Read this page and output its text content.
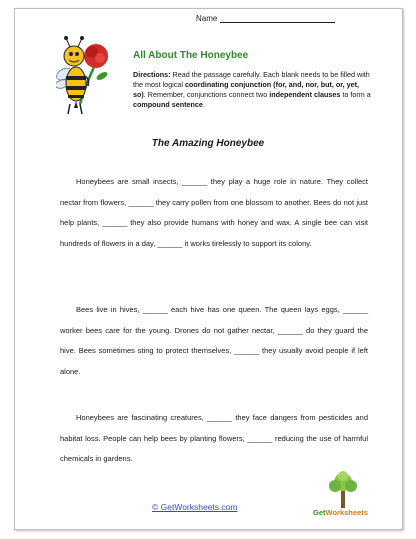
Name
All About The Honeybee
Directions: Read the passage carefully. Each blank needs to be filled with the most logical coordinating conjunction (for, and, nor, but, or, yet, so). Remember, conjunctions connect two independent clauses to form a compound sentence.
The Amazing Honeybee

Honeybees are small insects, ______ they play a huge role in nature. They collect nectar from flowers, ______ they carry pollen from one blossom to another. Bees do not just help plants, ______ they also provide humans with honey and wax. A single bee can visit hundreds of flowers in a day, ______ it works tirelessly to support its colony.

Bees live in hives, ______ each hive has one queen. The queen lays eggs, ______ worker bees care for the young. Drones do not gather nectar, ______ do they guard the hive. Bees sometimes sting to protect themselves, ______ they usually avoid people if left alone.

Honeybees are fascinating creatures, ______ they face dangers from pesticides and habitat loss. People can help bees by planting flowers, ______ reducing the use of harmful chemicals in gardens.

© GetWorksheets.com
GetWorksheets
